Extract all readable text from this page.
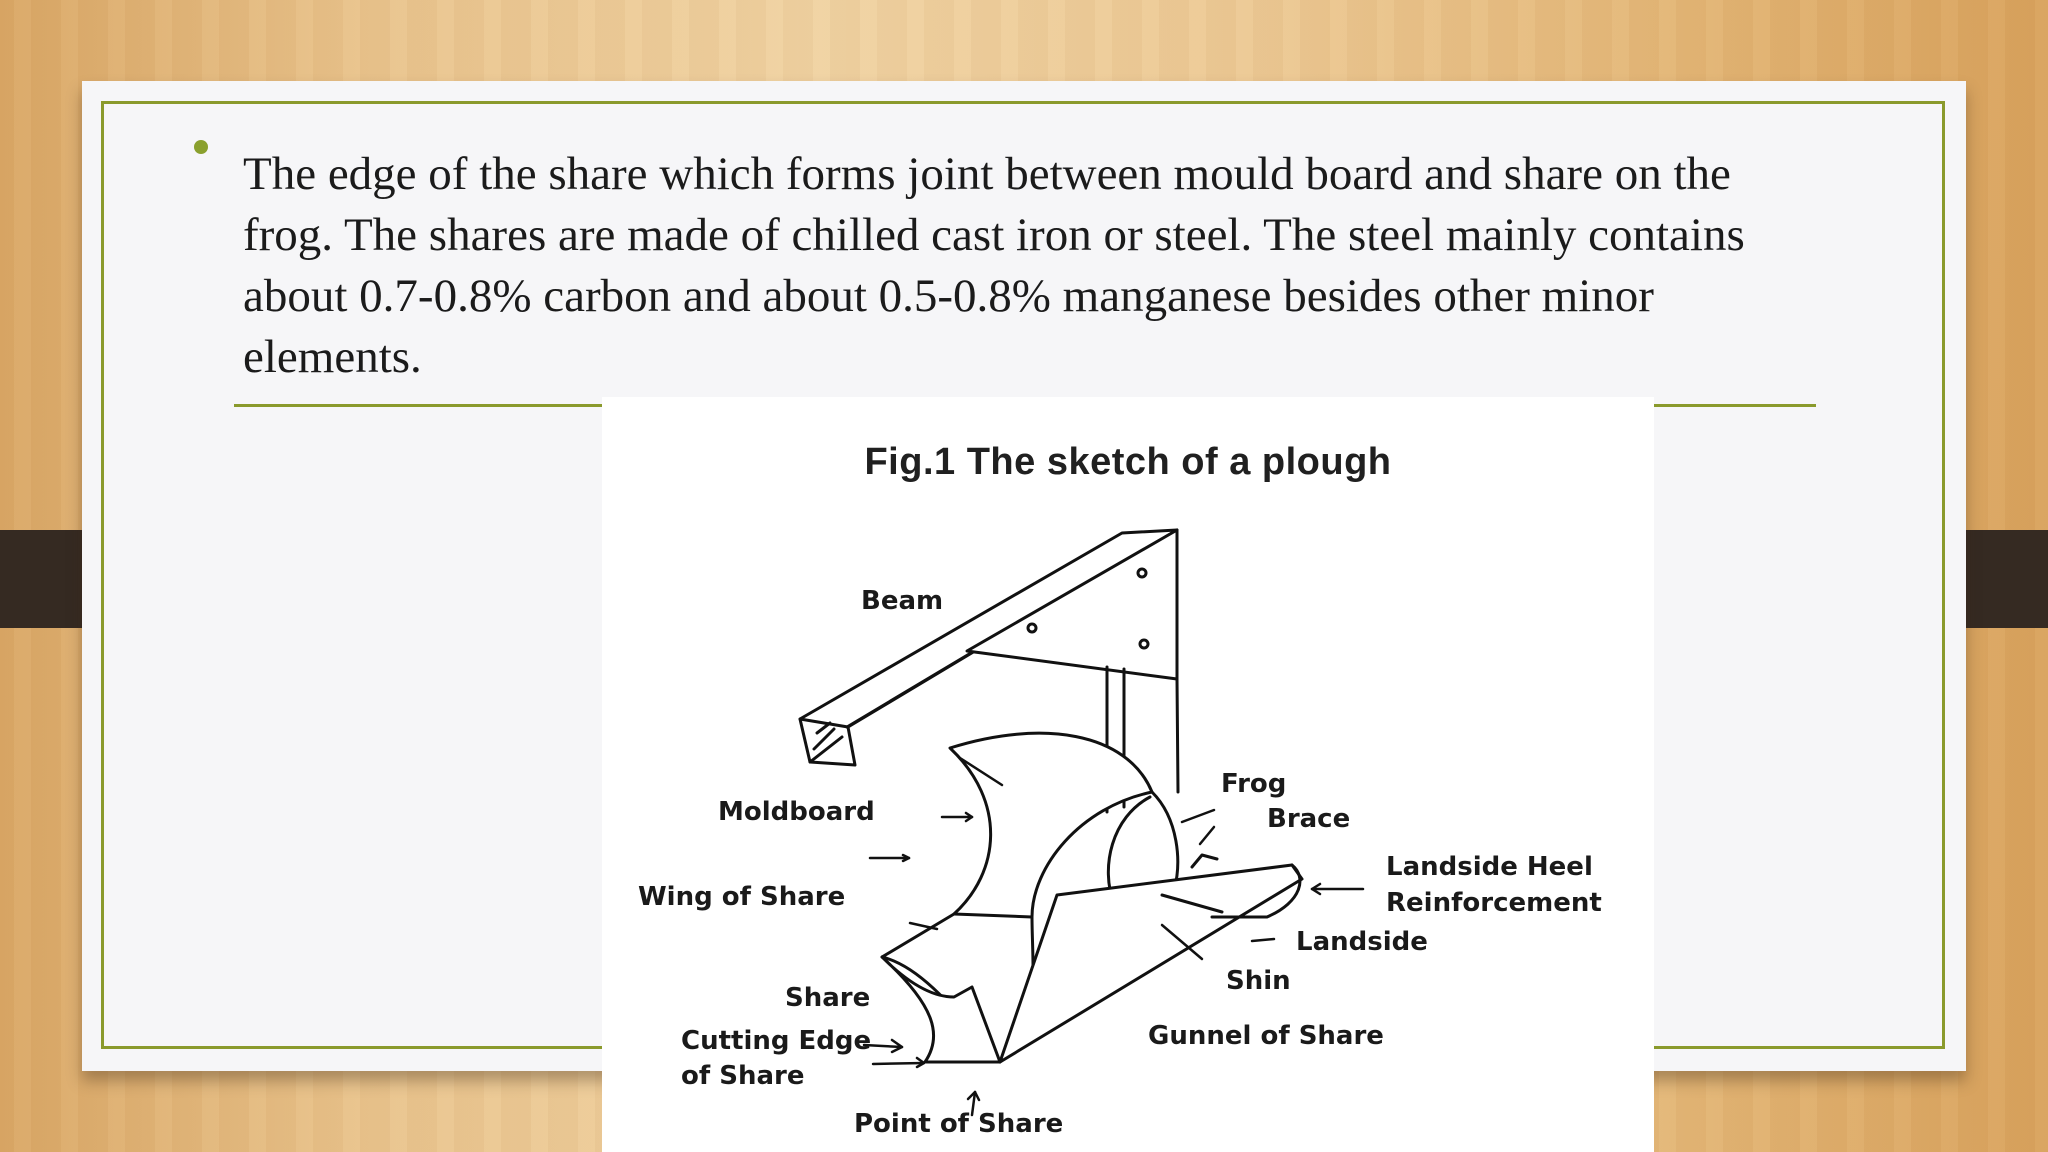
The edge of the share which forms joint between mould board and share on the frog. The shares are made of chilled cast iron or steel. The steel mainly contains about 0.7-0.8% carbon and about 0.5-0.8% manganese besides other minor elements.

Fig.1 The sketch of a plough
Beam
Moldboard
Wing of Share
Share
Cutting Edge
of Share
Point of Share
Frog
Brace
Landside Heel
Reinforcement
Landside
Shin
Gunnel of Share
